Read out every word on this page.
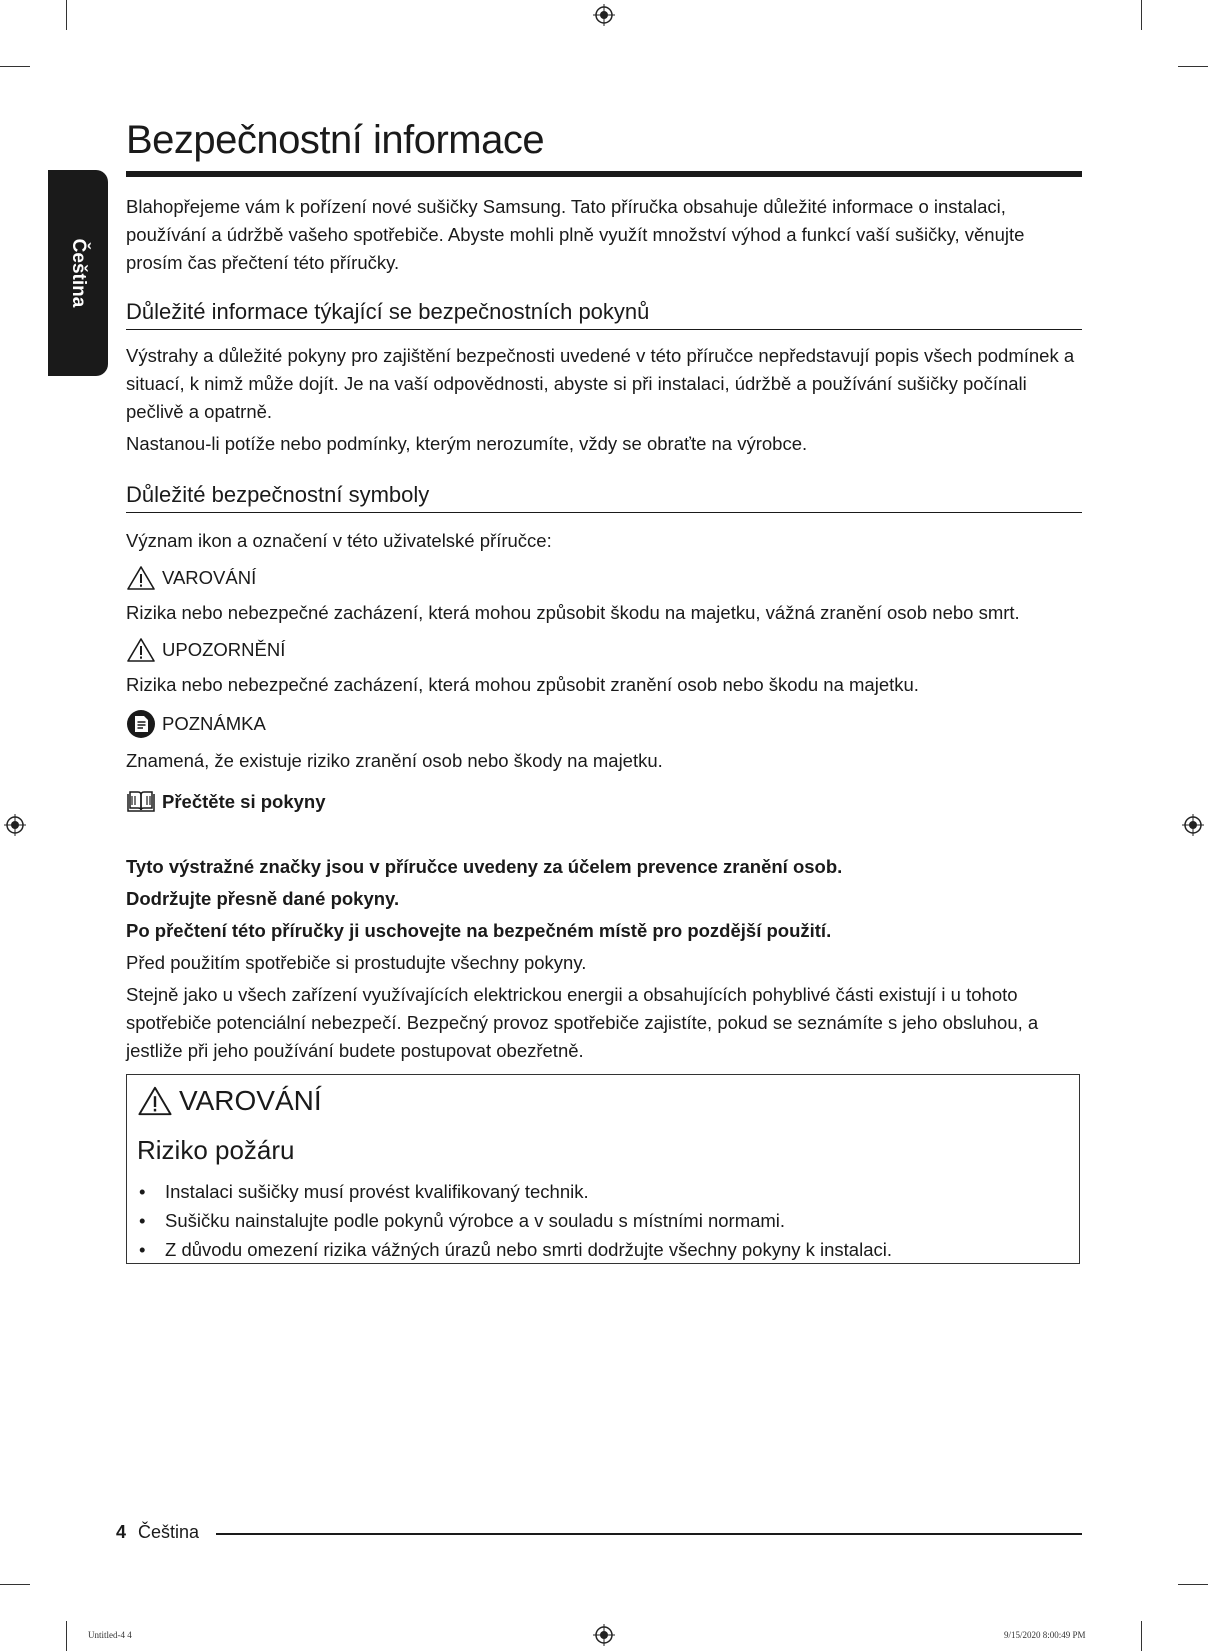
Čeština
Bezpečnostní informace

Blahopřejeme vám k pořízení nové sušičky Samsung. Tato příručka obsahuje důležité informace o instalaci, používání a údržbě vašeho spotřebiče. Abyste mohli plně využít množství výhod a funkcí vaší sušičky, věnujte prosím čas přečtení této příručky.

Důležité informace týkající se bezpečnostních pokynů

Výstrahy a důležité pokyny pro zajištění bezpečnosti uvedené v této příručce nepředstavují popis všech podmínek a situací, k nimž může dojít. Je na vaší odpovědnosti, abyste si při instalaci, údržbě a používání sušičky počínali pečlivě a opatrně.

Nastanou-li potíže nebo podmínky, kterým nerozumíte, vždy se obraťte na výrobce.

Důležité bezpečnostní symboly

Význam ikon a označení v této uživatelské příručce:

VAROVÁNÍ

Rizika nebo nebezpečné zacházení, která mohou způsobit škodu na majetku, vážná zranění osob nebo smrt.

UPOZORNĚNÍ

Rizika nebo nebezpečné zacházení, která mohou způsobit zranění osob nebo škodu na majetku.

POZNÁMKA

Znamená, že existuje riziko zranění osob nebo škody na majetku.

Přečtěte si pokyny

Tyto výstražné značky jsou v příručce uvedeny za účelem prevence zranění osob.

Dodržujte přesně dané pokyny.

Po přečtení této příručky ji uschovejte na bezpečném místě pro pozdější použití.

Před použitím spotřebiče si prostudujte všechny pokyny.

Stejně jako u všech zařízení využívajících elektrickou energii a obsahujících pohyblivé části existují i u tohoto spotřebiče potenciální nebezpečí. Bezpečný provoz spotřebiče zajistíte, pokud se seznámíte s jeho obsluhou, a jestliže při jeho používání budete postupovat obezřetně.

VAROVÁNÍ
Riziko požáru
• Instalaci sušičky musí provést kvalifikovaný technik.
• Sušičku nainstalujte podle pokynů výrobce a v souladu s místními normami.
• Z důvodu omezení rizika vážných úrazů nebo smrti dodržujte všechny pokyny k instalaci.
4 Čeština
Untitled-4 4	9/15/2020 8:00:49 PM
